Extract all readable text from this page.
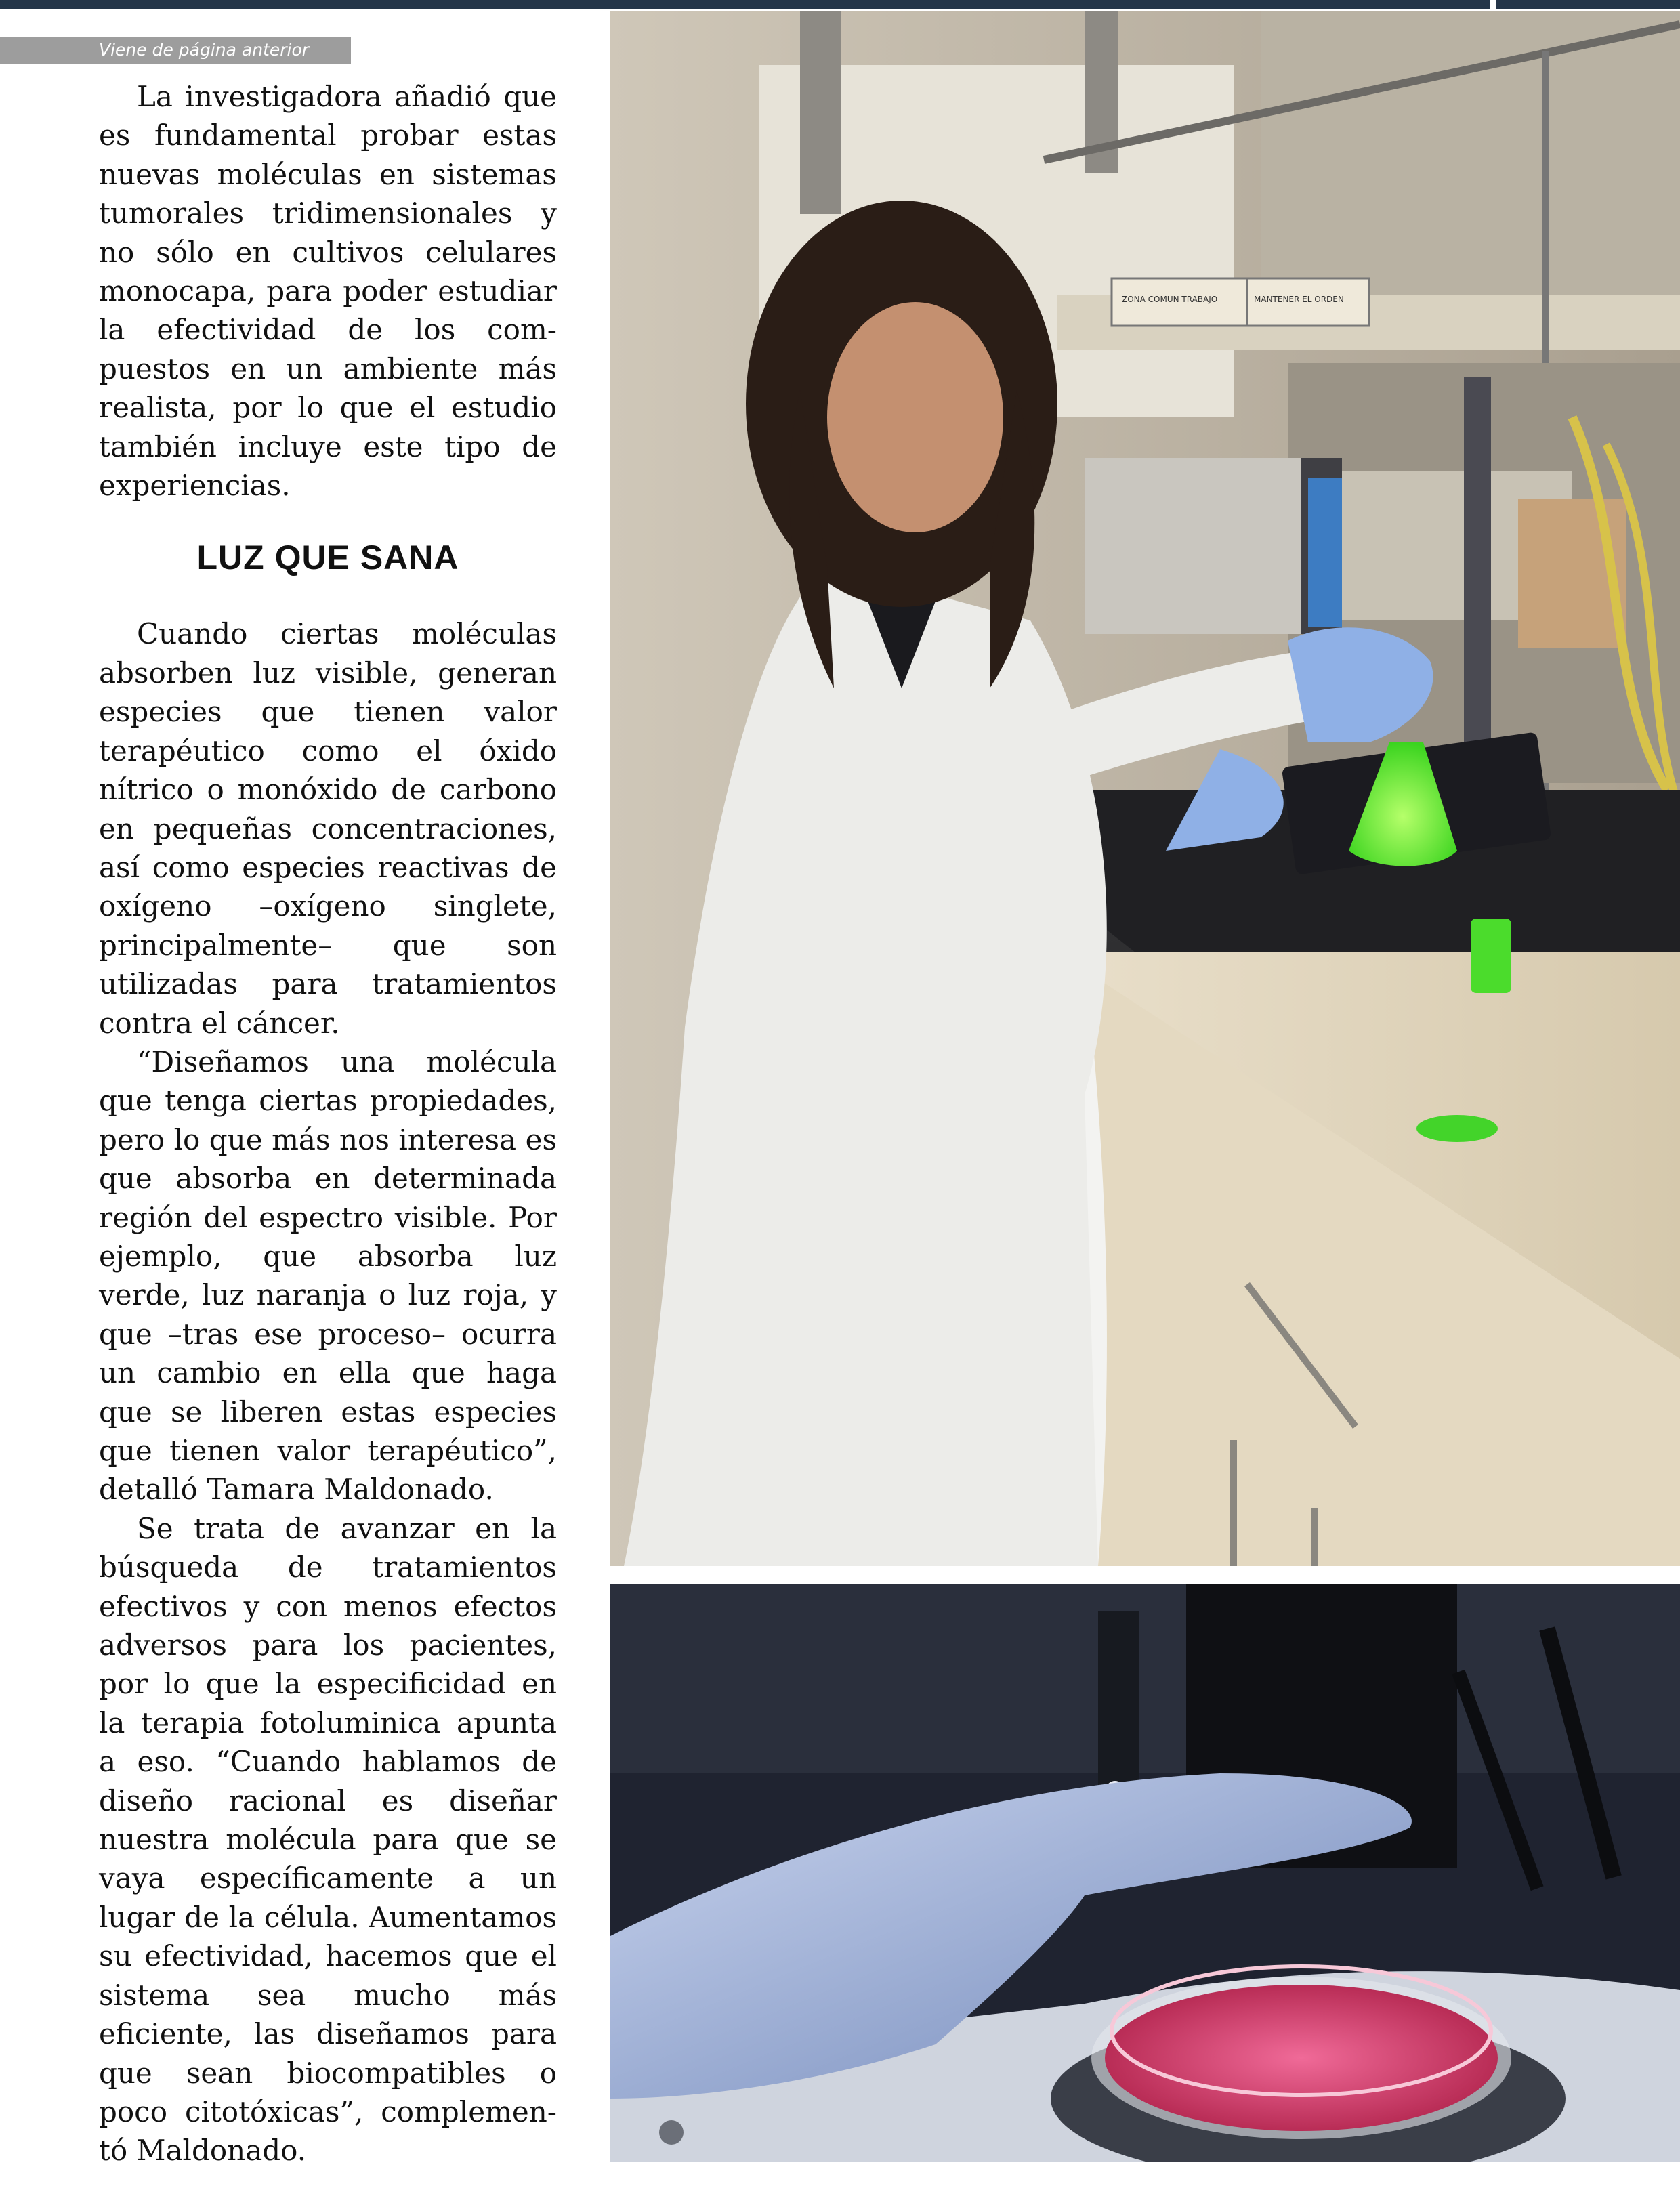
Viene de página anterior

La investigadora añadió que es fundamental probar estas nuevas moléculas en sistemas tumorales tridimensionales y no sólo en cultivos celulares monocapa, para poder estudiar la efectividad de los compuestos en un ambiente más realista, por lo que el estudio también incluye este tipo de experiencias.

LUZ QUE SANA

Cuando ciertas moléculas absorben luz visible, generan especies que tienen valor terapéutico como el óxido nítrico o monóxido de carbono en pequeñas concentraciones, así como especies reactivas de oxígeno –oxígeno singlete, principalmente– que son utilizadas para tratamientos contra el cáncer.

“Diseñamos una molécula que tenga ciertas propiedades, pero lo que más nos interesa es que absorba en determinada región del espectro visible. Por ejemplo, que absorba luz verde, luz naranja o luz roja, y que –tras ese proceso– ocurra un cambio en ella que haga que se liberen estas especies que tienen valor terapéutico”, detalló Tamara Maldonado.

Se trata de avanzar en la búsqueda de tratamientos efectivos y con menos efectos adversos para los pacientes, por lo que la especificidad en la terapia fotoluminica apunta a eso. “Cuando hablamos de diseño racional es diseñar nuestra molécula para que se vaya específicamente a un lugar de la célula. Aumentamos su efectividad, hacemos que el sistema sea mucho más eficiente, las diseñamos para que sean biocompatibles o poco citotóxicas”, complementó Maldonado.

ZONA COMUN TRABAJO	MANTENER EL ORDEN
